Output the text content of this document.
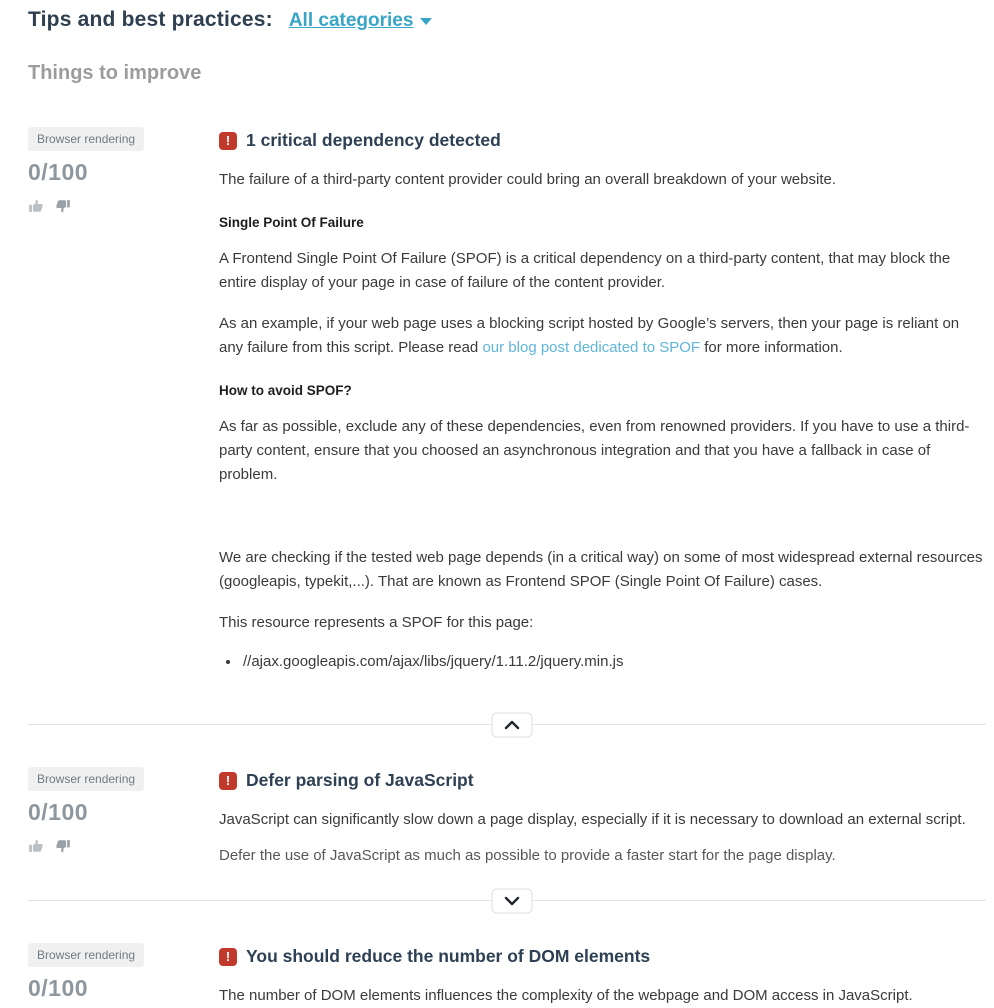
Tips and best practices: All categories
Things to improve
Browser rendering
0/100
! 1 critical dependency detected

The failure of a third-party content provider could bring an overall breakdown of your website.

Single Point Of Failure

A Frontend Single Point Of Failure (SPOF) is a critical dependency on a third-party content, that may block the entire display of your page in case of failure of the content provider.

As an example, if your web page uses a blocking script hosted by Google’s servers, then your page is reliant on any failure from this script. Please read our blog post dedicated to SPOF for more information.

How to avoid SPOF?

As far as possible, exclude any of these dependencies, even from renowned providers. If you have to use a third-party content, ensure that you choosed an asynchronous integration and that you have a fallback in case of problem.

We are checking if the tested web page depends (in a critical way) on some of most widespread external resources (googleapis, typekit,...). That are known as Frontend SPOF (Single Point Of Failure) cases.

This resource represents a SPOF for this page:

• //ajax.googleapis.com/ajax/libs/jquery/1.11.2/jquery.min.js
Browser rendering
0/100
! Defer parsing of JavaScript

JavaScript can significantly slow down a page display, especially if it is necessary to download an external script.

Defer the use of JavaScript as much as possible to provide a faster start for the page display.

Browser rendering
0/100
! You should reduce the number of DOM elements

The number of DOM elements influences the complexity of the webpage and DOM access in JavaScript.
